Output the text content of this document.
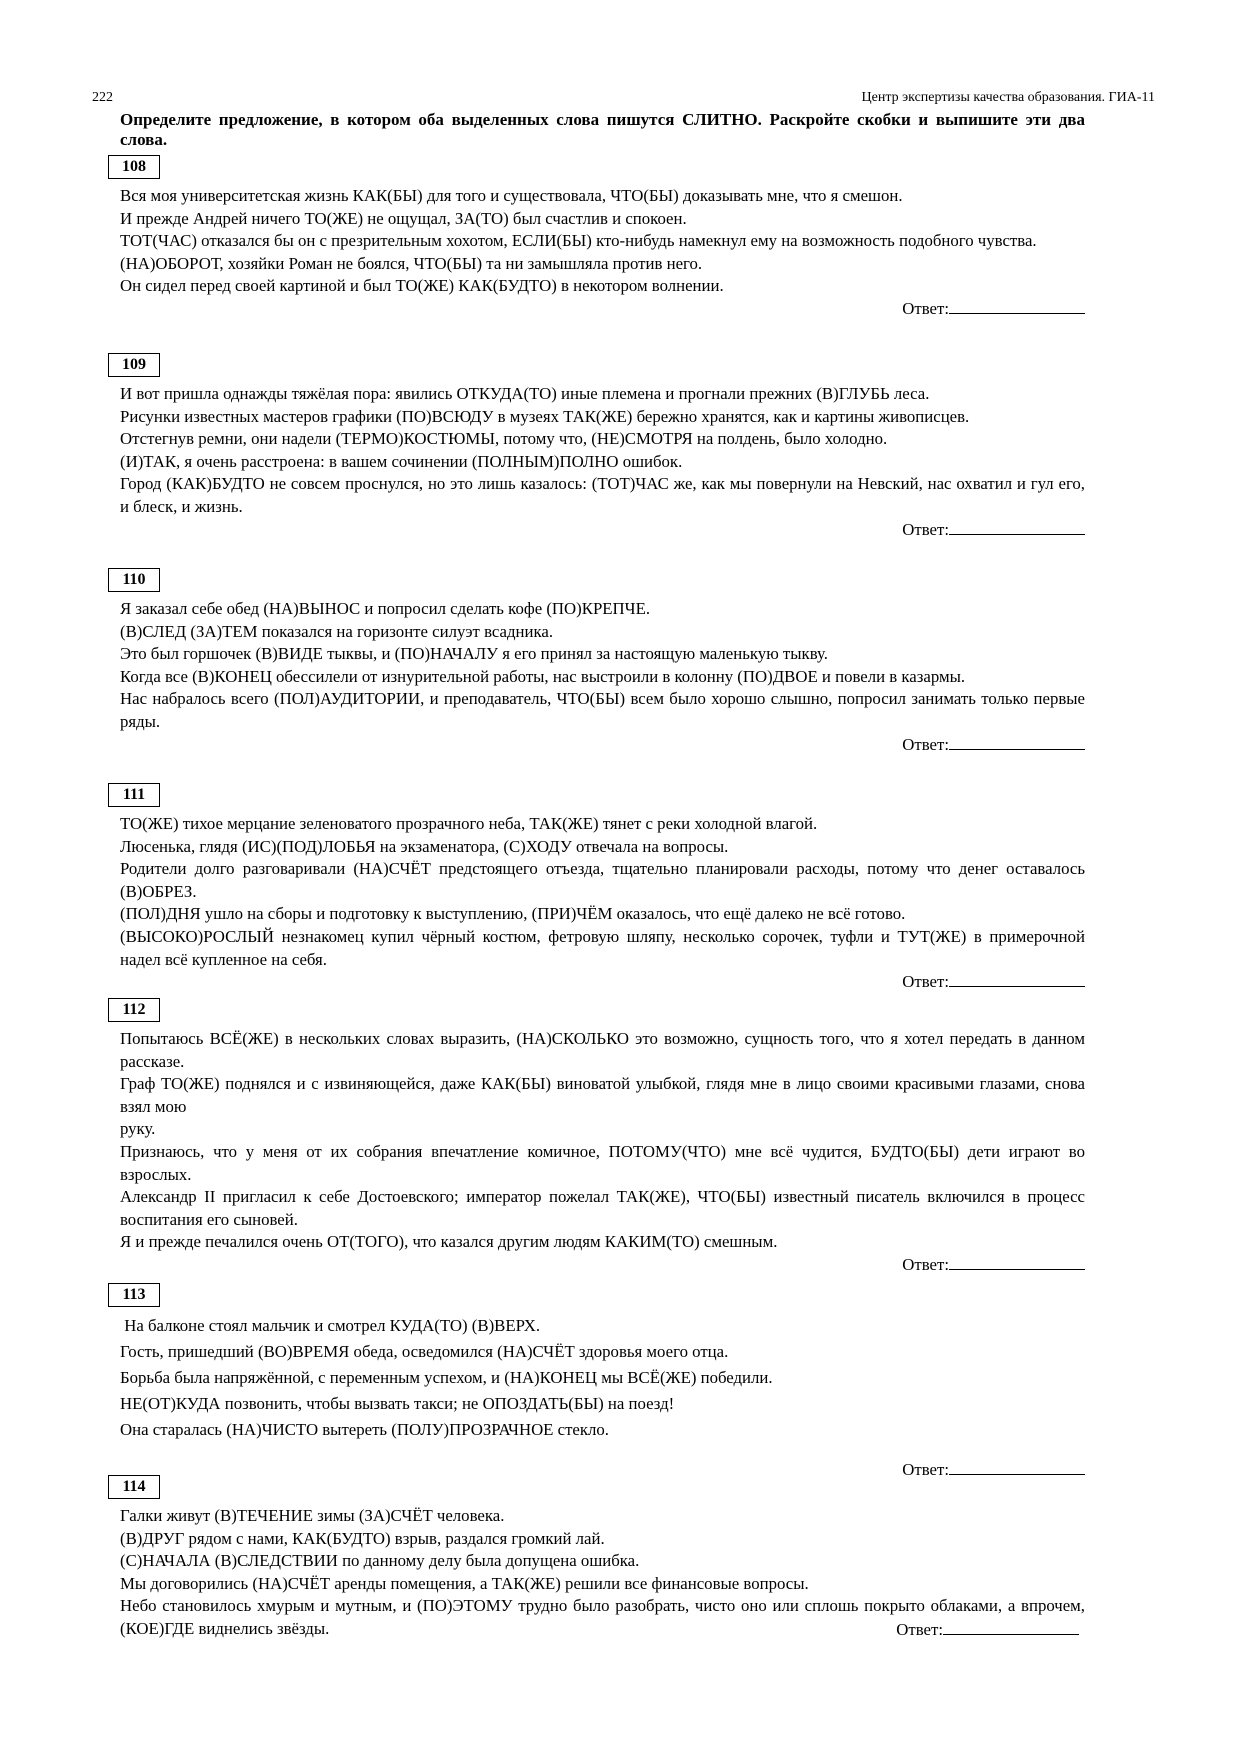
222	Центр экспертизы качества образования. ГИА-11
Определите предложение, в котором оба выделенных слова пишутся СЛИТНО. Раскройте скобки и выпишите эти два слова.
108
Вся моя университетская жизнь КАК(БЫ) для того и существовала, ЧТО(БЫ) доказывать мне, что я смешон.
И прежде Андрей ничего ТО(ЖЕ) не ощущал, ЗА(ТО) был счастлив и спокоен.
ТОТ(ЧАС) отказался бы он с презрительным хохотом, ЕСЛИ(БЫ) кто-нибудь намекнул ему на возможность подобного чувства.
(НА)ОБОРОТ, хозяйки Роман не боялся, ЧТО(БЫ) та ни замышляла против него.
Он сидел перед своей картиной и был ТО(ЖЕ) КАК(БУДТО) в некотором волнении.
Ответ:
109
И вот пришла однажды тяжёлая пора: явились ОТКУДА(ТО) иные племена и прогнали прежних (В)ГЛУБЬ леса.
Рисунки известных мастеров графики (ПО)ВСЮДУ в музеях ТАК(ЖЕ) бережно хранятся, как и картины живописцев.
Отстегнув ремни, они надели (ТЕРМО)КОСТЮМЫ, потому что, (НЕ)СМОТРЯ на полдень, было холодно.
(И)ТАК, я очень расстроена: в вашем сочинении (ПОЛНЫМ)ПОЛНО ошибок.
Город (КАК)БУДТО не совсем проснулся, но это лишь казалось: (ТОТ)ЧАС же, как мы повернули на Невский, нас охватил и гул его, и блеск, и жизнь.
Ответ:
110
Я заказал себе обед (НА)ВЫНОС и попросил сделать кофе (ПО)КРЕПЧЕ.
(В)СЛЕД (ЗА)ТЕМ показался на горизонте силуэт всадника.
Это был горшочек (В)ВИДЕ тыквы, и (ПО)НАЧАЛУ я его принял за настоящую маленькую тыкву.
Когда все (В)КОНЕЦ обессилели от изнурительной работы, нас выстроили в колонну (ПО)ДВОЕ и повели в казармы.
Нас набралось всего (ПОЛ)АУДИТОРИИ, и преподаватель, ЧТО(БЫ) всем было хорошо слышно, попросил занимать только первые ряды.
Ответ:
111
ТО(ЖЕ) тихое мерцание зеленоватого прозрачного неба, ТАК(ЖЕ) тянет с реки холодной влагой.
Люсенька, глядя (ИС)(ПОД)ЛОБЬЯ на экзаменатора, (С)ХОДУ отвечала на вопросы.
Родители долго разговаривали (НА)СЧЁТ предстоящего отъезда, тщательно планировали расходы, потому что денег оставалось (В)ОБРЕЗ.
(ПОЛ)ДНЯ ушло на сборы и подготовку к выступлению, (ПРИ)ЧЁМ оказалось, что ещё далеко не всё готово.
(ВЫСОКО)РОСЛЫЙ незнакомец купил чёрный костюм, фетровую шляпу, несколько сорочек, туфли и ТУТ(ЖЕ) в примерочной надел всё купленное на себя.
Ответ:
112
Попытаюсь ВСЁ(ЖЕ) в нескольких словах выразить, (НА)СКОЛЬКО это возможно, сущность того, что я хотел передать в данном рассказе.
Граф ТО(ЖЕ) поднялся и с извиняющейся, даже КАК(БЫ) виноватой улыбкой, глядя мне в лицо своими красивыми глазами, снова взял мою
руку.
Признаюсь, что у меня от их собрания впечатление комичное, ПОТОМУ(ЧТО) мне всё чудится, БУДТО(БЫ) дети играют во взрослых.
Александр II пригласил к себе Достоевского; император пожелал ТАК(ЖЕ), ЧТО(БЫ) известный писатель включился в процесс воспитания его сыновей.
Я и прежде печалился очень ОТ(ТОГО), что казался другим людям КАКИМ(ТО) смешным.
Ответ:
113
На балконе стоял мальчик и смотрел КУДА(ТО) (В)ВЕРХ.
Гость, пришедший (ВО)ВРЕМЯ обеда, осведомился (НА)СЧЁТ здоровья моего отца.
Борьба была напряжённой, с переменным успехом, и (НА)КОНЕЦ мы ВСЁ(ЖЕ) победили.
НЕ(ОТ)КУДА позвонить, чтобы вызвать такси; не ОПОЗДАТЬ(БЫ) на поезд!
Она старалась (НА)ЧИСТО вытереть (ПОЛУ)ПРОЗРАЧНОЕ стекло.
Ответ:
114
Галки живут (В)ТЕЧЕНИЕ зимы (ЗА)СЧЁТ человека.
(В)ДРУГ рядом с нами, КАК(БУДТО) взрыв, раздался громкий лай.
(С)НАЧАЛА (В)СЛЕДСТВИИ по данному делу была допущена ошибка.
Мы договорились (НА)СЧЁТ аренды помещения, а ТАК(ЖЕ) решили все финансовые вопросы.
Небо становилось хмурым и мутным, и (ПО)ЭТОМУ трудно было разобрать, чисто оно или сплошь покрыто облаками, а впрочем, (КОЕ)ГДЕ виднелись звёзды.	Ответ:
